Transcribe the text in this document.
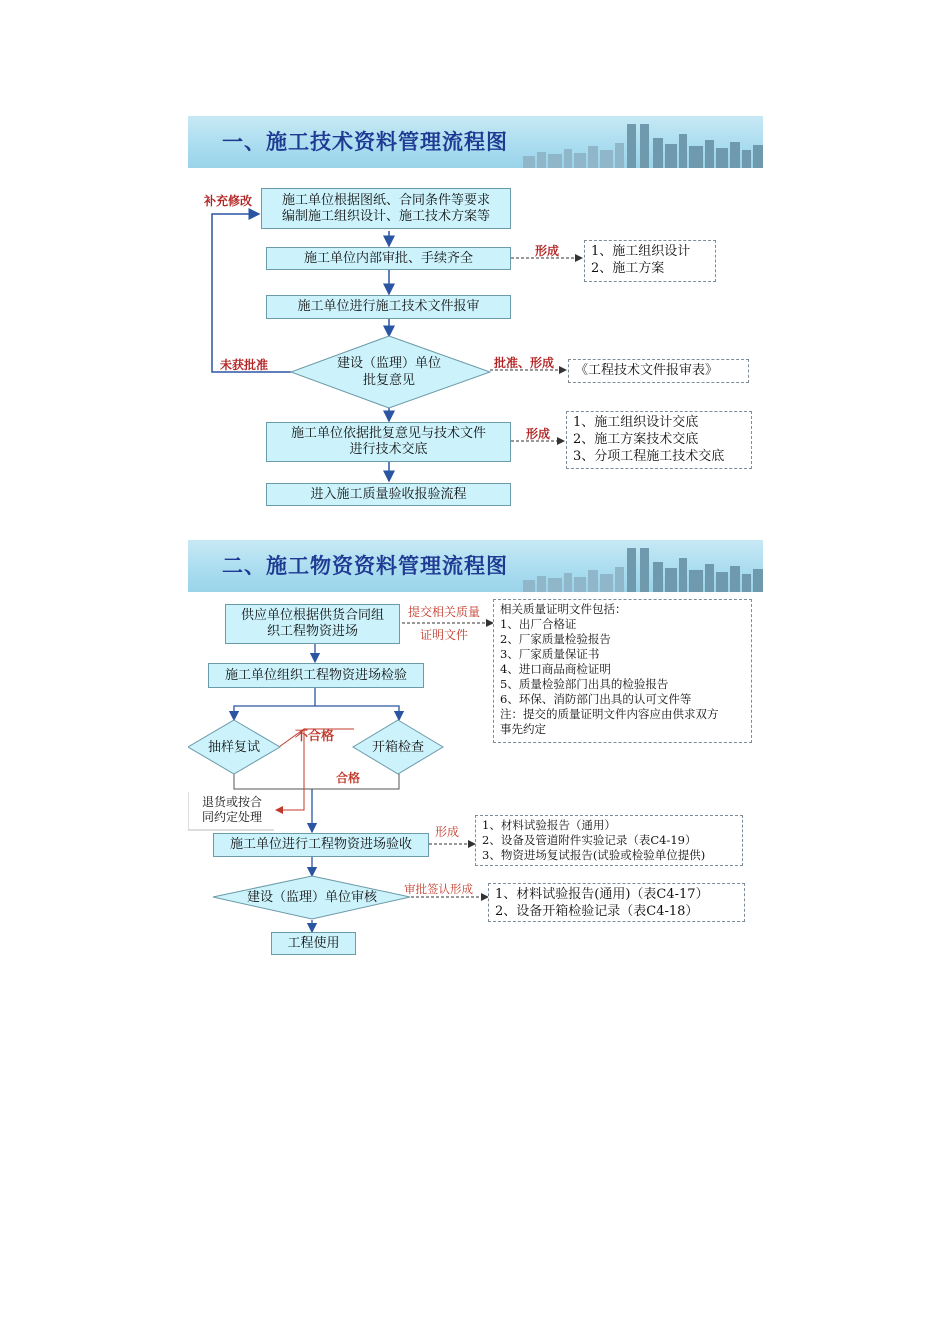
一、施工技术资料管理流程图
施工单位根据图纸、合同条件等要求
编制施工组织设计、施工技术方案等
施工单位内部审批、手续齐全
施工单位进行施工技术文件报审
建设（监理）单位
批复意见
施工单位依据批复意见与技术文件
进行技术交底
进入施工质量验收报验流程
补充修改
未获批准
形成
批准、形成
形成
1、施工组织设计
2、施工方案
《工程技术文件报审表》
1、施工组织设计交底
2、施工方案技术交底
3、分项工程施工技术交底
二、施工物资资料管理流程图
供应单位根据供货合同组
织工程物资进场
施工单位组织工程物资进场检验
抽样复试	开箱检查
不合格
合格
退货或按合
同约定处理
施工单位进行工程物资进场验收
建设（监理）单位审核
工程使用
提交相关质量
证明文件
形成
审批签认形成
相关质量证明文件包括：
1、出厂合格证
2、厂家质量检验报告
3、厂家质量保证书
4、进口商品商检证明
5、质量检验部门出具的检验报告
6、环保、消防部门出具的认可文件等
注：提交的质量证明文件内容应由供求双方
事先约定
1、材料试验报告（通用）
2、设备及管道附件实验记录（表C4-19）
3、物资进场复试报告(试验或检验单位提供)
1、材料试验报告(通用)（表C4-17）
2、设备开箱检验记录（表C4-18）
